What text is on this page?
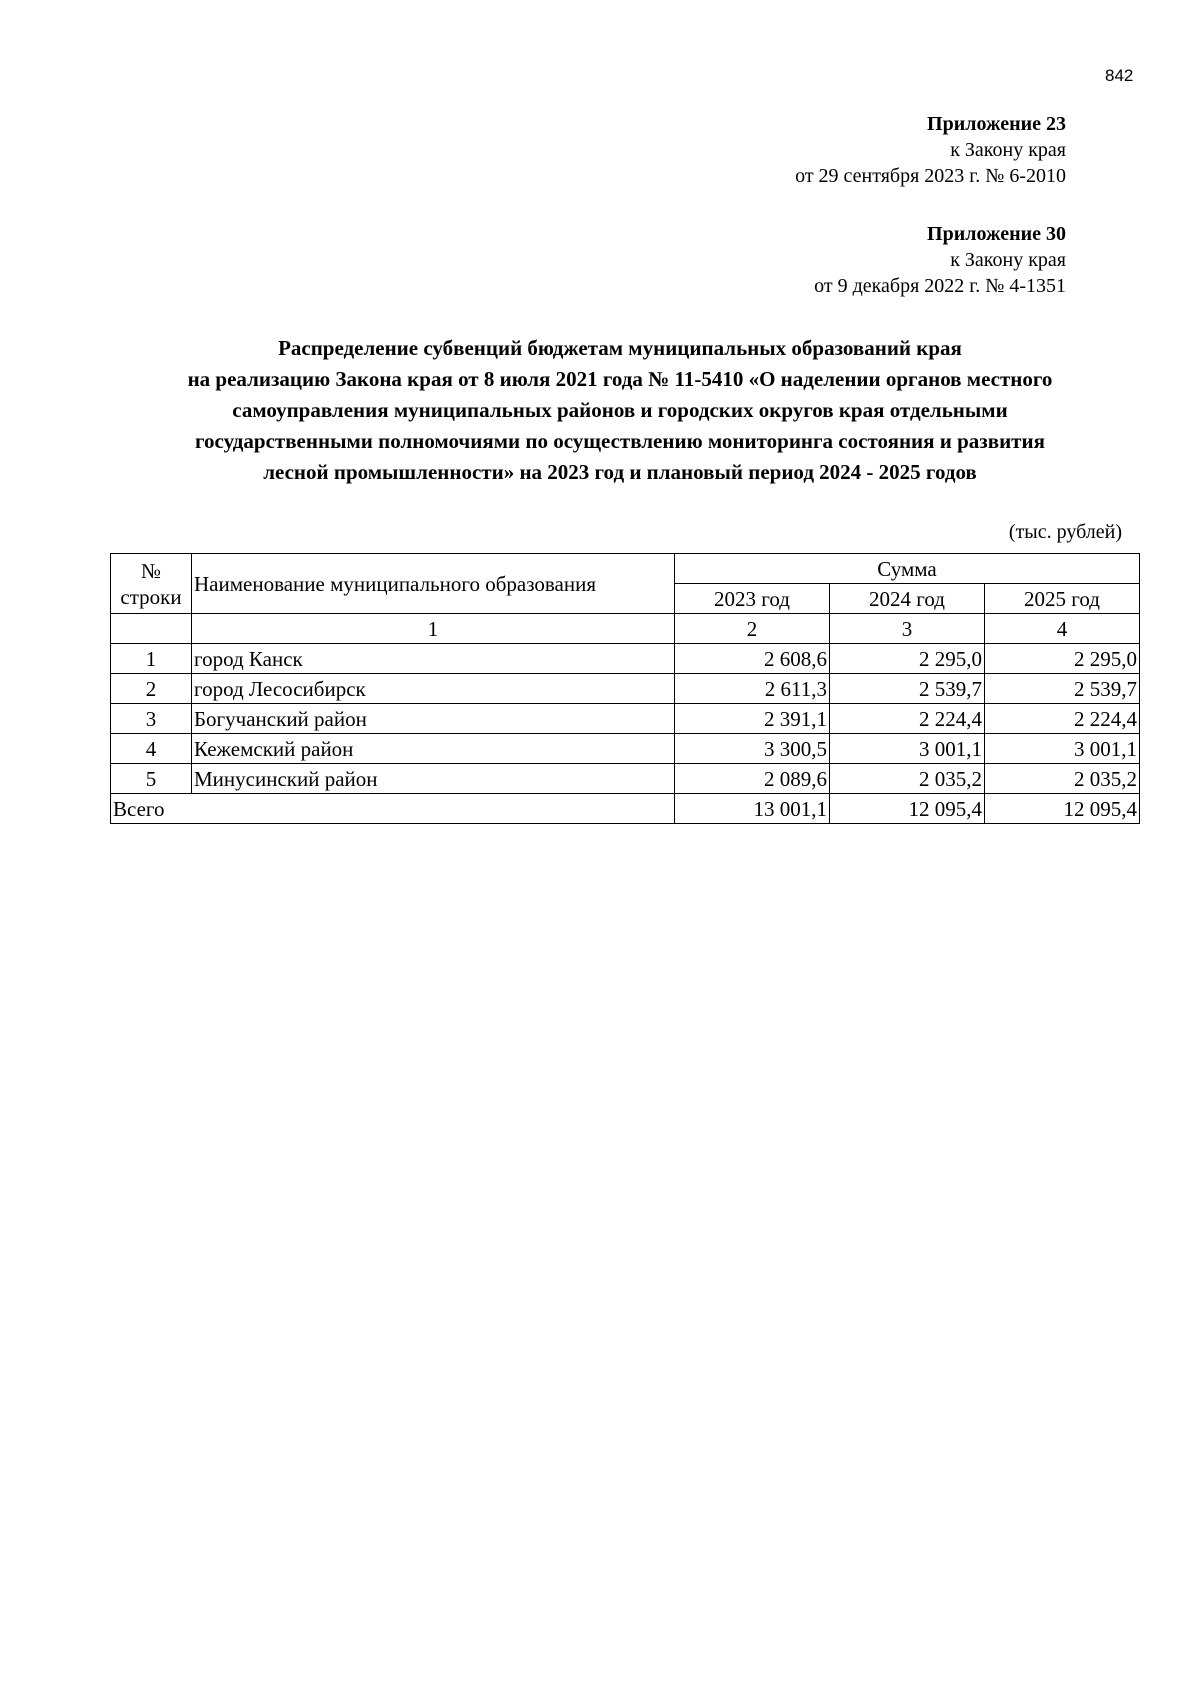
842
Приложение 23
к Закону края
от 29 сентября 2023 г. № 6-2010
Приложение 30
к Закону края
от 9 декабря 2022 г. № 4-1351
Распределение субвенций бюджетам муниципальных образований края
на реализацию Закона края от 8 июля 2021 года № 11-5410 «О наделении органов местного
самоуправления муниципальных районов и городских округов края отдельными
государственными полномочиями по осуществлению мониторинга состояния и развития
лесной промышленности» на 2023 год и плановый период 2024 - 2025 годов
(тыс. рублей)
№
строки	Наименование муниципального образования	Сумма		
		2023 год	2024 год	2025 год
	1	2	3	4
1	город Канск	2 608,6	2 295,0	2 295,0
2	город Лесосибирск	2 611,3	2 539,7	2 539,7
3	Богучанский район	2 391,1	2 224,4	2 224,4
4	Кежемский район	3 300,5	3 001,1	3 001,1
5	Минусинский район	2 089,6	2 035,2	2 035,2
Всего		13 001,1	12 095,4	12 095,4
